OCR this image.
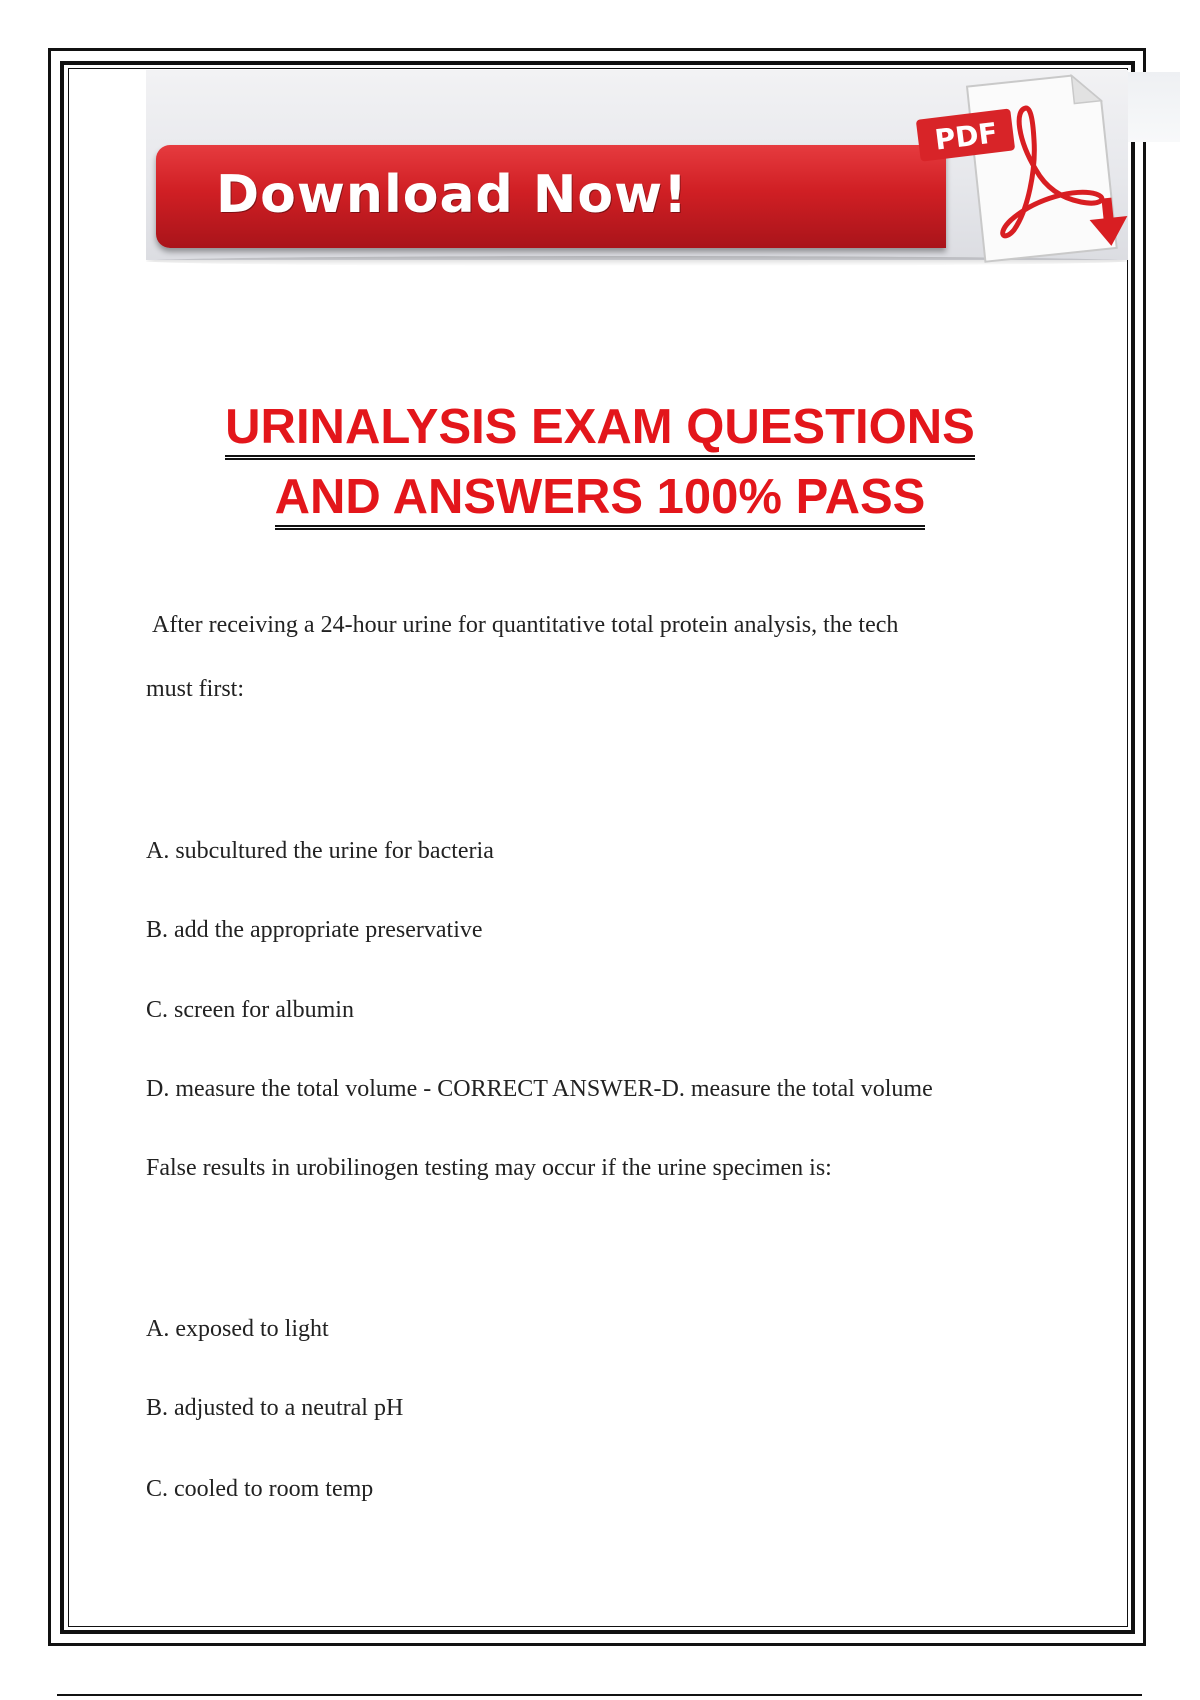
Download Now!
PDF
URINALYSIS EXAM QUESTIONS
AND ANSWERS 100% PASS
After receiving a 24-hour urine for quantitative total protein analysis, the tech
must first:
A. subcultured the urine for bacteria
B. add the appropriate preservative
C. screen for albumin
D. measure the total volume - CORRECT ANSWER-D. measure the total volume
False results in urobilinogen testing may occur if the urine specimen is:
A. exposed to light
B. adjusted to a neutral pH
C. cooled to room temp
